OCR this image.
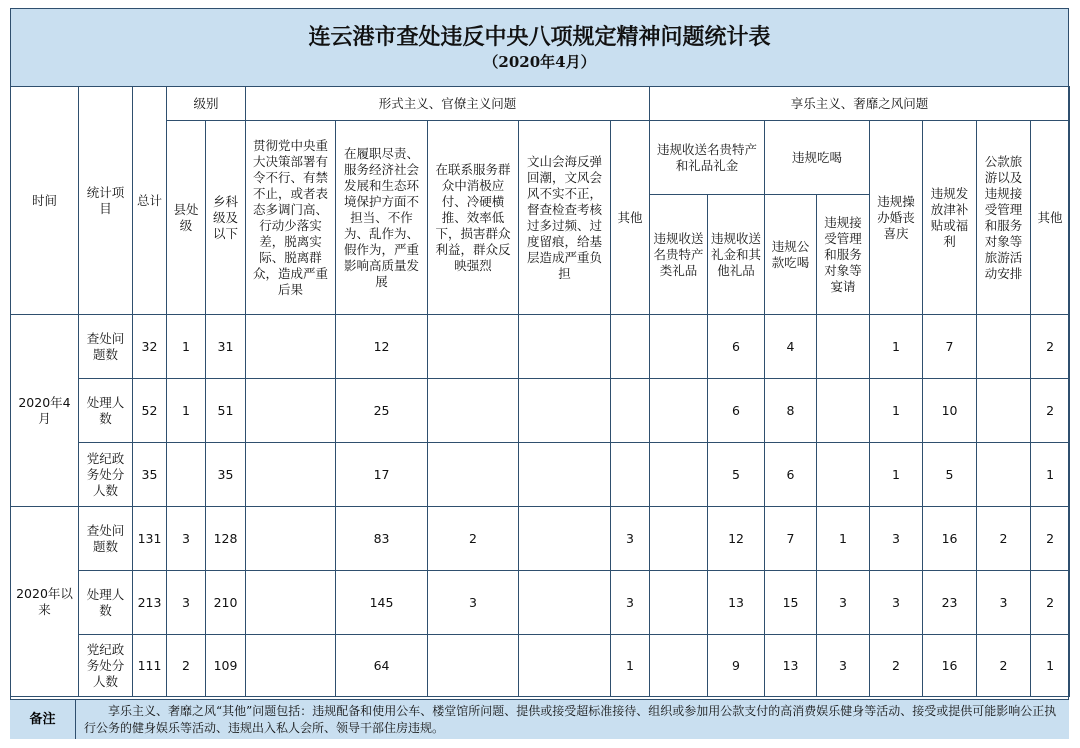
连云港市查处违反中央八项规定精神问题统计表
（2020年4月）
时间	统计项目	总计	级别		形式主义、官僚主义问题					享乐主义、奢靡之风问题							
			县处级	乡科级及以下	贯彻党中央重大决策部署有令不行、有禁不止，或者表态多调门高、行动少落实差，脱离实际、脱离群众，造成严重后果	在履职尽责、服务经济社会发展和生态环境保护方面不担当、不作为、乱作为、假作为，严重影响高质量发展	在联系服务群众中消极应付、冷硬横推、效率低下，损害群众利益，群众反映强烈	文山会海反弹回潮，文风会风不实不正，督查检查考核过多过频、过度留痕，给基层造成严重负担	其他	违规收送名贵特产和礼品礼金		违规吃喝		违规操办婚丧喜庆	违规发放津补贴或福利	公款旅游以及违规接受管理和服务对象等旅游活动安排	其他
										违规收送名贵特产类礼品	违规收送礼金和其他礼品	违规公款吃喝	违规接受管理和服务对象等宴请				
2020年4月	查处问题数	32	1	31		12					6	4		1	7		2
	处理人数	52	1	51		25					6	8		1	10		2
	党纪政务处分人数	35		35		17					5	6		1	5		1
2020年以来	查处问题数	131	3	128		83	2		3		12	7	1	3	16	2	2
	处理人数	213	3	210		145	3		3		13	15	3	3	23	3	2
	党纪政务处分人数	111	2	109		64			1		9	13	3	2	16	2	1
备注
享乐主义、奢靡之风“其他”问题包括：违规配备和使用公车、楼堂馆所问题、提供或接受超标准接待、组织或参加用公款支付的高消费娱乐健身等活动、接受或提供可能影响公正执行公务的健身娱乐等活动、违规出入私人会所、领导干部住房违规。
